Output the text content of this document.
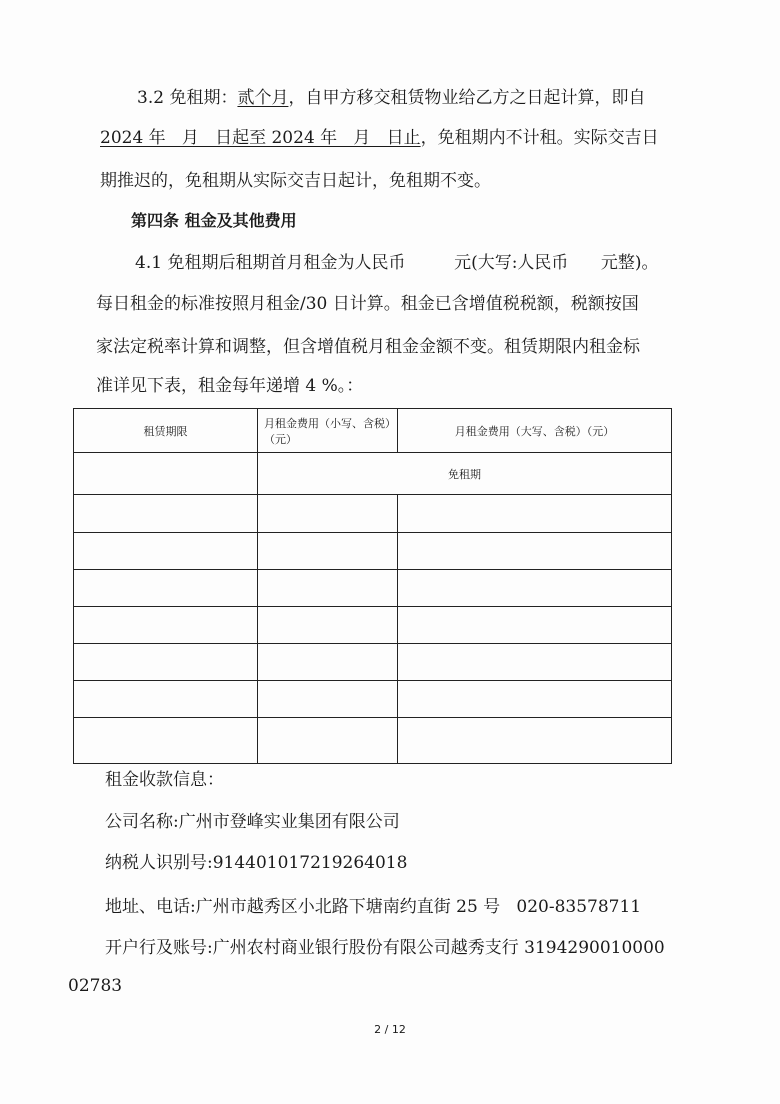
3.2 免租期：贰个月，自甲方移交租赁物业给乙方之日起计算，即自
2024 年   月   日起至 2024 年   月   日止，免租期内不计租。实际交吉日
期推迟的，免租期从实际交吉日起计，免租期不变。
第四条 租金及其他费用
4.1 免租期后租期首月租金为人民币         元(大写:人民币      元整)。
每日租金的标准按照月租金/30 日计算。租金已含增值税税额，税额按国
家法定税率计算和调整，但含增值税月租金金额不变。租赁期限内租金标
准详见下表，租金每年递增 4 %。：
租赁期限	月租金费用（小写、含税）（元）	月租金费用（大写、含税）（元）
	免租期	

租金收款信息：
公司名称:广州市登峰实业集团有限公司
纳税人识别号:914401017219264018
地址、电话:广州市越秀区小北路下塘南约直街 25 号   020-83578711
开户行及账号:广州农村商业银行股份有限公司越秀支行 3194290010000
02783
2 / 12
